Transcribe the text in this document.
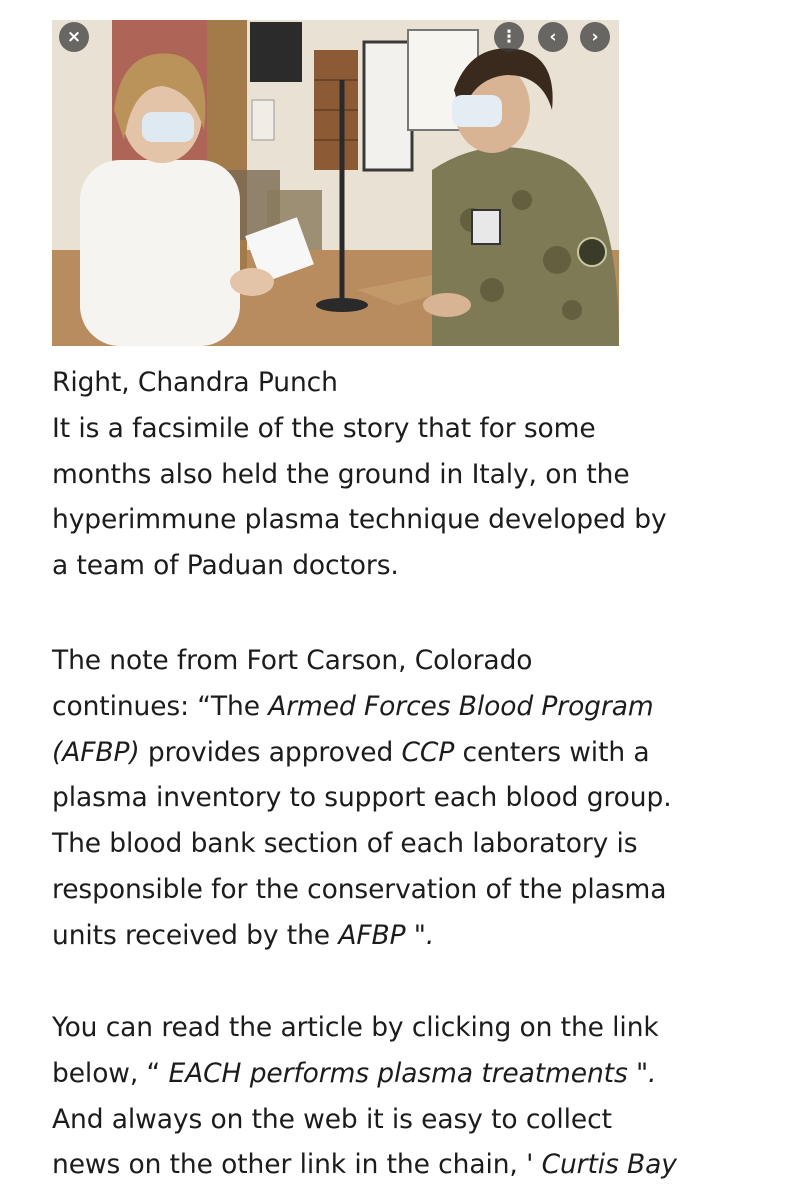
×	⋮ ‹ ›
Right, Chandra Punch
It is a facsimile of the story that for some
months also held the ground in Italy, on the
hyperimmune plasma technique developed by
a team of Paduan doctors.
The note from Fort Carson, Colorado
continues: “The Armed Forces Blood Program
(AFBP) provides approved CCP centers with a
plasma inventory to support each blood group.
The blood bank section of each laboratory is
responsible for the conservation of the plasma
units received by the AFBP ".
You can read the article by clicking on the link
below, “ EACH performs plasma treatments ".
And always on the web it is easy to collect
news on the other link in the chain, ' Curtis Bay
